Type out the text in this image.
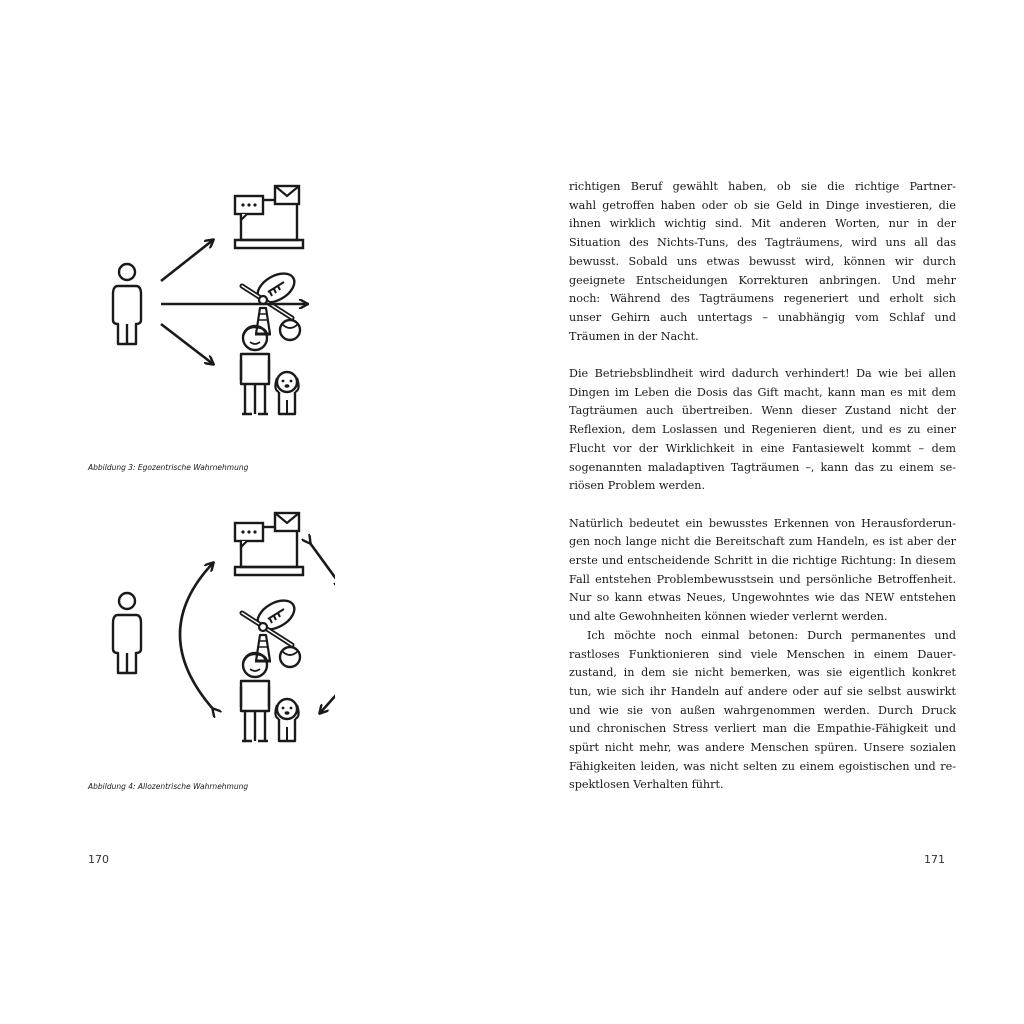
Abbildung 3: Egozentrische Wahrnehmung
Abbildung 4: Allozentrische Wahrnehmung
170	171
richtigen Beruf gewählt haben, ob sie die richtige Partner-
wahl getroffen haben oder ob sie Geld in Dinge investieren, die
ihnen wirklich wichtig sind. Mit anderen Worten, nur in der
Situation des Nichts-Tuns, des Tagträumens, wird uns all das
bewusst. Sobald uns etwas bewusst wird, können wir durch
geeignete Entscheidungen Korrekturen anbringen. Und mehr
noch: Während des Tagträumens regeneriert und erholt sich
unser Gehirn auch untertags – unabhängig vom Schlaf und
Träumen in der Nacht.
Die Betriebsblindheit wird dadurch verhindert! Da wie bei allen
Dingen im Leben die Dosis das Gift macht, kann man es mit dem
Tagträumen auch übertreiben. Wenn dieser Zustand nicht der
Reflexion, dem Loslassen und Regenieren dient, und es zu einer
Flucht vor der Wirklichkeit in eine Fantasiewelt kommt – dem
sogenannten maladaptiven Tagträumen –, kann das zu einem se-
riösen Problem werden.
Natürlich bedeutet ein bewusstes Erkennen von Herausforderun-
gen noch lange nicht die Bereitschaft zum Handeln, es ist aber der
erste und entscheidende Schritt in die richtige Richtung: In diesem
Fall entstehen Problembewusstsein und persönliche Betroffenheit.
Nur so kann etwas Neues, Ungewohntes wie das NEW entstehen
und alte Gewohnheiten können wieder verlernt werden.
Ich möchte noch einmal betonen: Durch permanentes und
rastloses Funktionieren sind viele Menschen in einem Dauer-
zustand, in dem sie nicht bemerken, was sie eigentlich konkret
tun, wie sich ihr Handeln auf andere oder auf sie selbst auswirkt
und wie sie von außen wahrgenommen werden. Durch Druck
und chronischen Stress verliert man die Empathie-Fähigkeit und
spürt nicht mehr, was andere Menschen spüren. Unsere sozialen
Fähigkeiten leiden, was nicht selten zu einem egoistischen und re-
spektlosen Verhalten führt.
